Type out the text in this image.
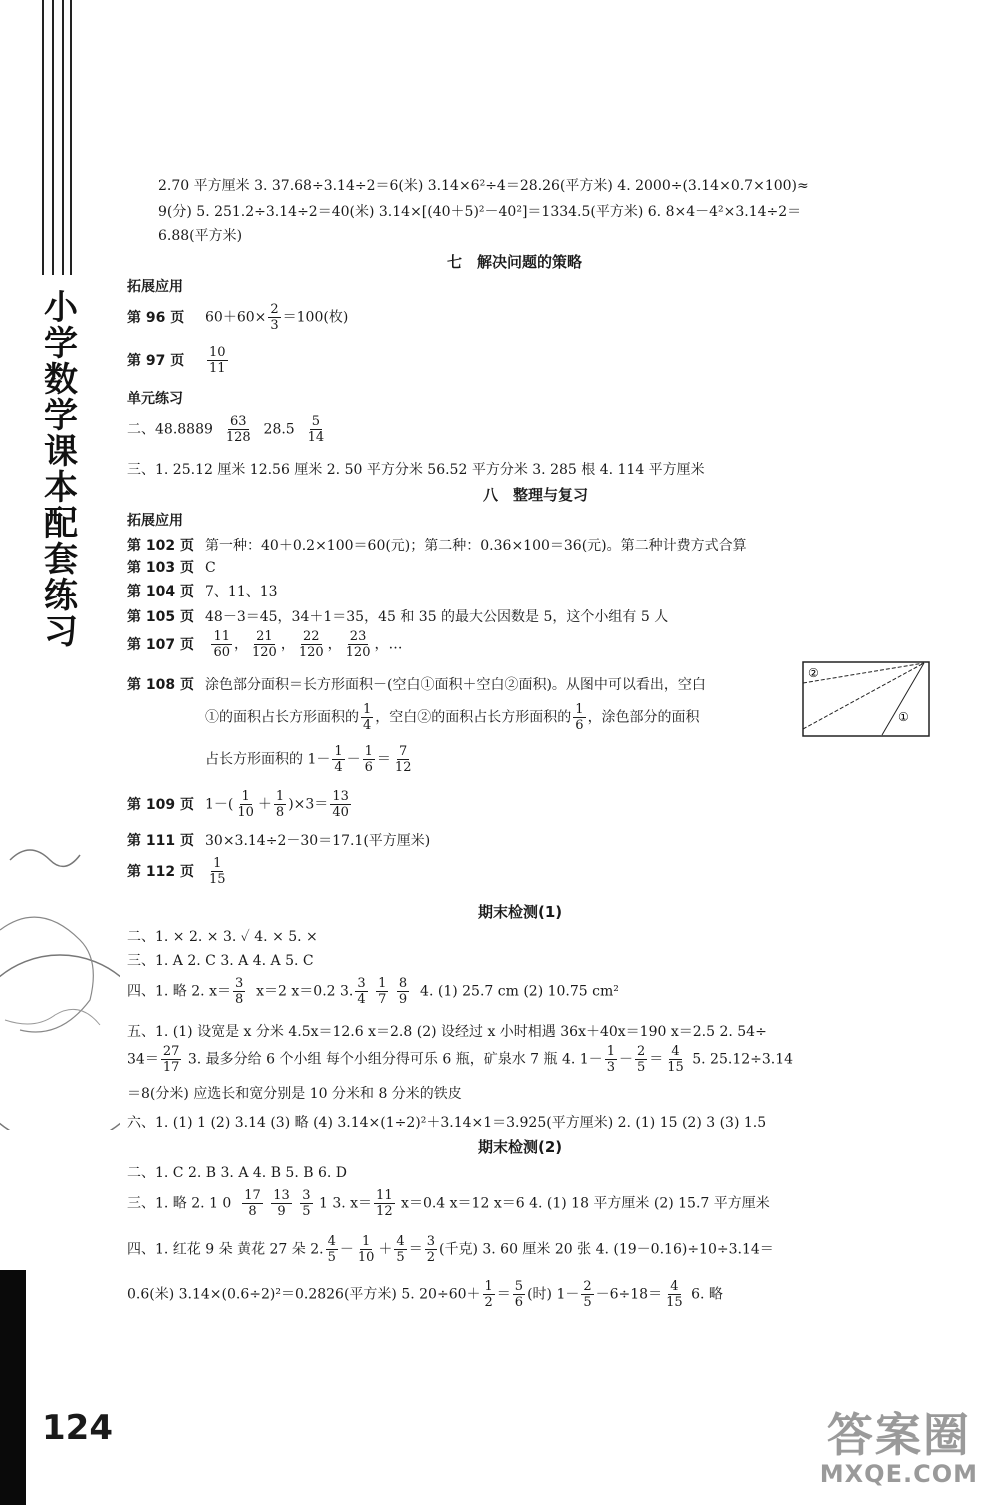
小
学
数
学
课
本
配
套
练
习
124	答案圈
MXQE.COM
2.70 平方厘米 3. 37.68÷3.14÷2＝6(米) 3.14×6²÷4＝28.26(平方米) 4. 2000÷(3.14×0.7×100)≈
9(分) 5. 251.2÷3.14÷2＝40(米) 3.14×[(40＋5)²－40²]＝1334.5(平方米) 6. 8×4－4²×3.14÷2＝
6.88(平方米)
七　解决问题的策略
拓展应用
第 96 页 $60+60\times \frac{2}{3} =100$(枚)
第 97 页 $\frac{10}{11}$
单元练习
二、$48.8889 \frac{63}{128} 28.5 \frac{5}{14}$
三、1. 25.12 厘米 12.56 厘米 2. 50 平方分米 56.52 平方分米 3. 285 根 4. 114 平方厘米
八　整理与复习
拓展应用
第 102 页 第一种：40＋0.2×100＝60(元)；第二种：0.36×100＝36(元)。第二种计费方式合算
第 103 页 C
第 104 页 7、11、13
第 105 页 48－3＝45，34＋1＝35，45 和 35 的最大公因数是 5，这个小组有 5 人
第 107 页 $\frac{11}{60}$ ， $\frac{21}{120}$ ， $\frac{22}{120}$ ， $\frac{23}{120}$ ，…
第 108 页 涂色部分面积＝长方形面积－(空白①面积＋空白②面积)。从图中可以看出，空白
①的面积占长方形面积的 $\frac{1}{4}$ ，空白②的面积占长方形面积的 $\frac{1}{6}$ ，涂色部分的面积
占长方形面积的 $1- \frac{1}{4} - \frac{1}{6} = \frac{7}{12}$
②
①
第 109 页 $1-( \frac{1}{10} + \frac{1}{8} )\times 3= \frac{13}{40}$
第 111 页 30×3.14÷2－30＝17.1(平方厘米)
第 112 页 $\frac{1}{15}$
期末检测(1)
二、1. × 2. × 3. ✓ 4. × 5. ×
三、1. A 2. C 3. A 4. A 5. C
四、1. 略 2. $x= \frac{3}{8} x=2$ x＝0.2 3. $\frac{3}{4}$
$\frac{1}{7}$
$\frac{8}{9} 4$. (1) 25.7 cm (2) 10.75 cm²
五、1. (1) 设宽是 x 分米 4.5x＝12.6 x＝2.8 (2) 设经过 x 小时相遇 36x＋40x＝190 x＝2.5 2. 54÷
$34= \frac{27}{17} 3$. 最多分给 6 个小组 每个小组分得可乐 6 瓶，矿泉水 7 瓶 4. $1- \frac{1}{3} - \frac{2}{5} = \frac{4}{15} 5$. 25.12÷3.14
＝8(分米) 应选长和宽分别是 10 分米和 8 分米的铁皮
六、1. (1) 1 (2) 3.14 (3) 略 (4) 3.14×(1÷2)²＋3.14×1＝3.925(平方厘米) 2. (1) 15 (2) 3 (3) 1.5
期末检测(2)
二、1. C 2. B 3. A 4. B 5. B 6. D
三、1. 略 2. 1 $0 \frac{17}{8}$
$\frac{13}{9}$
$\frac{3}{5} 1$ 3. $x= \frac{11}{12} x=0.4$ x＝12 x＝6 4. (1) 18 平方厘米 (2) 15.7 平方厘米
四、1. 红花 9 朵 黄花 27 朵 2. $\frac{4}{5} - \frac{1}{10} + \frac{4}{5} = \frac{3}{2}$ (千克) 3. 60 厘米 20 张 4. (19－0.16)÷10÷3.14＝
0.6(米) 3.14×(0.6÷2)²＝0.2826(平方米) 5. $20\div 60+ \frac{1}{2} = \frac{5}{6}$ (时) $1- \frac{2}{5} -6\div 18= \frac{4}{15} 6$. 略
